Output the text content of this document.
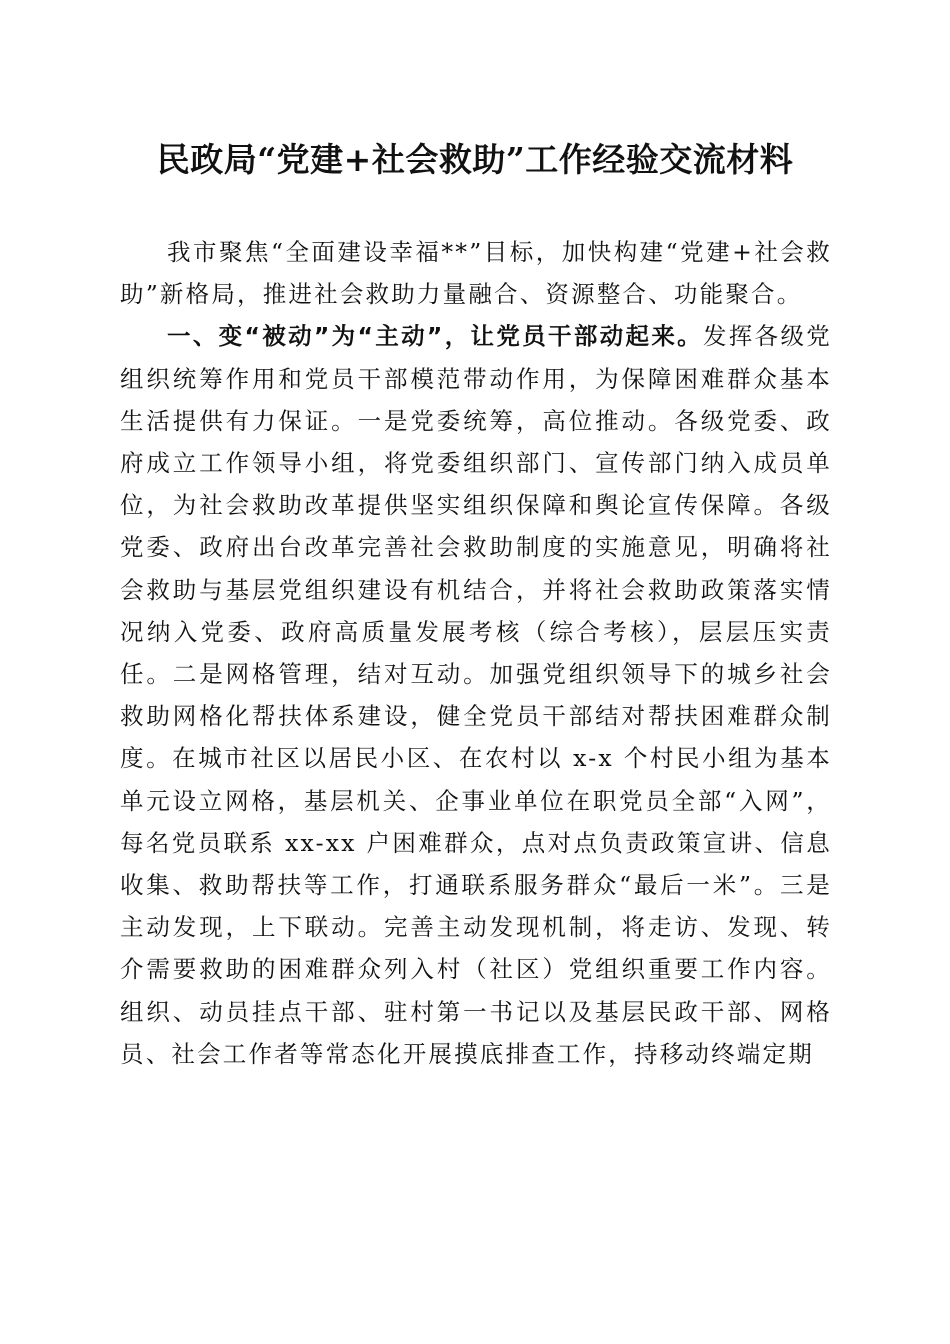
民政局“党建+社会救助”工作经验交流材料

我市聚焦“全面建设幸福**”目标，加快构建“党建+社会救助”新格局，推进社会救助力量融合、资源整合、功能聚合。

一、变“被动”为“主动”，让党员干部动起来。发挥各级党组织统筹作用和党员干部模范带动作用，为保障困难群众基本生活提供有力保证。一是党委统筹，高位推动。各级党委、政府成立工作领导小组，将党委组织部门、宣传部门纳入成员单位，为社会救助改革提供坚实组织保障和舆论宣传保障。各级党委、政府出台改革完善社会救助制度的实施意见，明确将社会救助与基层党组织建设有机结合，并将社会救助政策落实情况纳入党委、政府高质量发展考核（综合考核），层层压实责任。二是网格管理，结对互动。加强党组织领导下的城乡社会救助网格化帮扶体系建设，健全党员干部结对帮扶困难群众制度。在城市社区以居民小区、在农村以 x-x 个村民小组为基本单元设立网格，基层机关、企事业单位在职党员全部“入网”，每名党员联系 xx-xx 户困难群众，点对点负责政策宣讲、信息收集、救助帮扶等工作，打通联系服务群众“最后一米”。三是主动发现，上下联动。完善主动发现机制，将走访、发现、转介需要救助的困难群众列入村（社区）党组织重要工作内容。组织、动员挂点干部、驻村第一书记以及基层民政干部、网格员、社会工作者等常态化开展摸底排查工作，持移动终端定期
